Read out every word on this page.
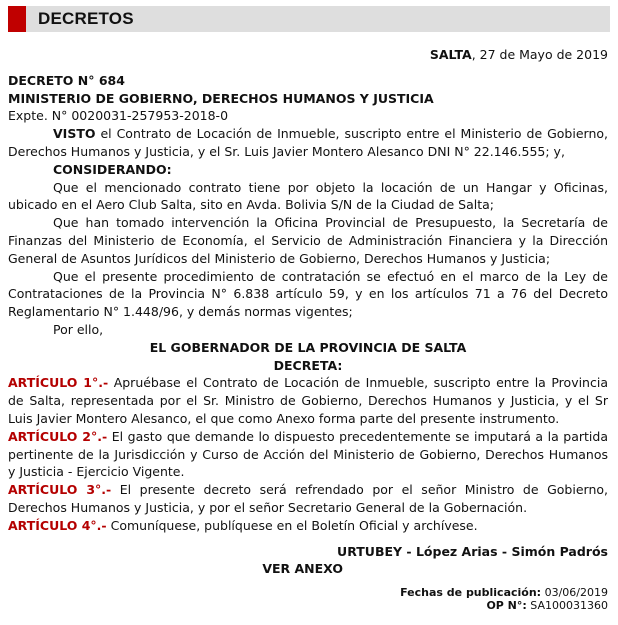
DECRETOS

SALTA, 27 de Mayo de 2019

DECRETO N° 684

MINISTERIO DE GOBIERNO, DERECHOS HUMANOS Y JUSTICIA

Expte. N° 0020031-257953-2018-0

VISTO el Contrato de Locación de Inmueble, suscripto entre el Ministerio de Gobierno, Derechos Humanos y Justicia, y el Sr. Luis Javier Montero Alesanco DNI N° 22.146.555; y,

CONSIDERANDO:

Que el mencionado contrato tiene por objeto la locación de un Hangar y Oficinas, ubicado en el Aero Club Salta, sito en Avda. Bolivia S/N de la Ciudad de Salta;

Que han tomado intervención la Oficina Provincial de Presupuesto, la Secretaría de Finanzas del Ministerio de Economía, el Servicio de Administración Financiera y la Dirección General de Asuntos Jurídicos del Ministerio de Gobierno, Derechos Humanos y Justicia;

Que el presente procedimiento de contratación se efectuó en el marco de la Ley de Contrataciones de la Provincia N° 6.838 artículo 59, y en los artículos 71 a 76 del Decreto Reglamentario N° 1.448/96, y demás normas vigentes;

Por ello,

EL GOBERNADOR DE LA PROVINCIA DE SALTA

DECRETA:

ARTÍCULO 1°.- Apruébase el Contrato de Locación de Inmueble, suscripto entre la Provincia de Salta, representada por el Sr. Ministro de Gobierno, Derechos Humanos y Justicia, y el Sr Luis Javier Montero Alesanco, el que como Anexo forma parte del presente instrumento.

ARTÍCULO 2°.- El gasto que demande lo dispuesto precedentemente se imputará a la partida pertinente de la Jurisdicción y Curso de Acción del Ministerio de Gobierno, Derechos Humanos y Justicia - Ejercicio Vigente.

ARTÍCULO 3°.- El presente decreto será refrendado por el señor Ministro de Gobierno, Derechos Humanos y Justicia, y por el señor Secretario General de la Gobernación.

ARTÍCULO 4°.- Comuníquese, publíquese en el Boletín Oficial y archívese.

URTUBEY - López Arias - Simón Padrós

VER ANEXO

Fechas de publicación: 03/06/2019

OP N°: SA100031360
